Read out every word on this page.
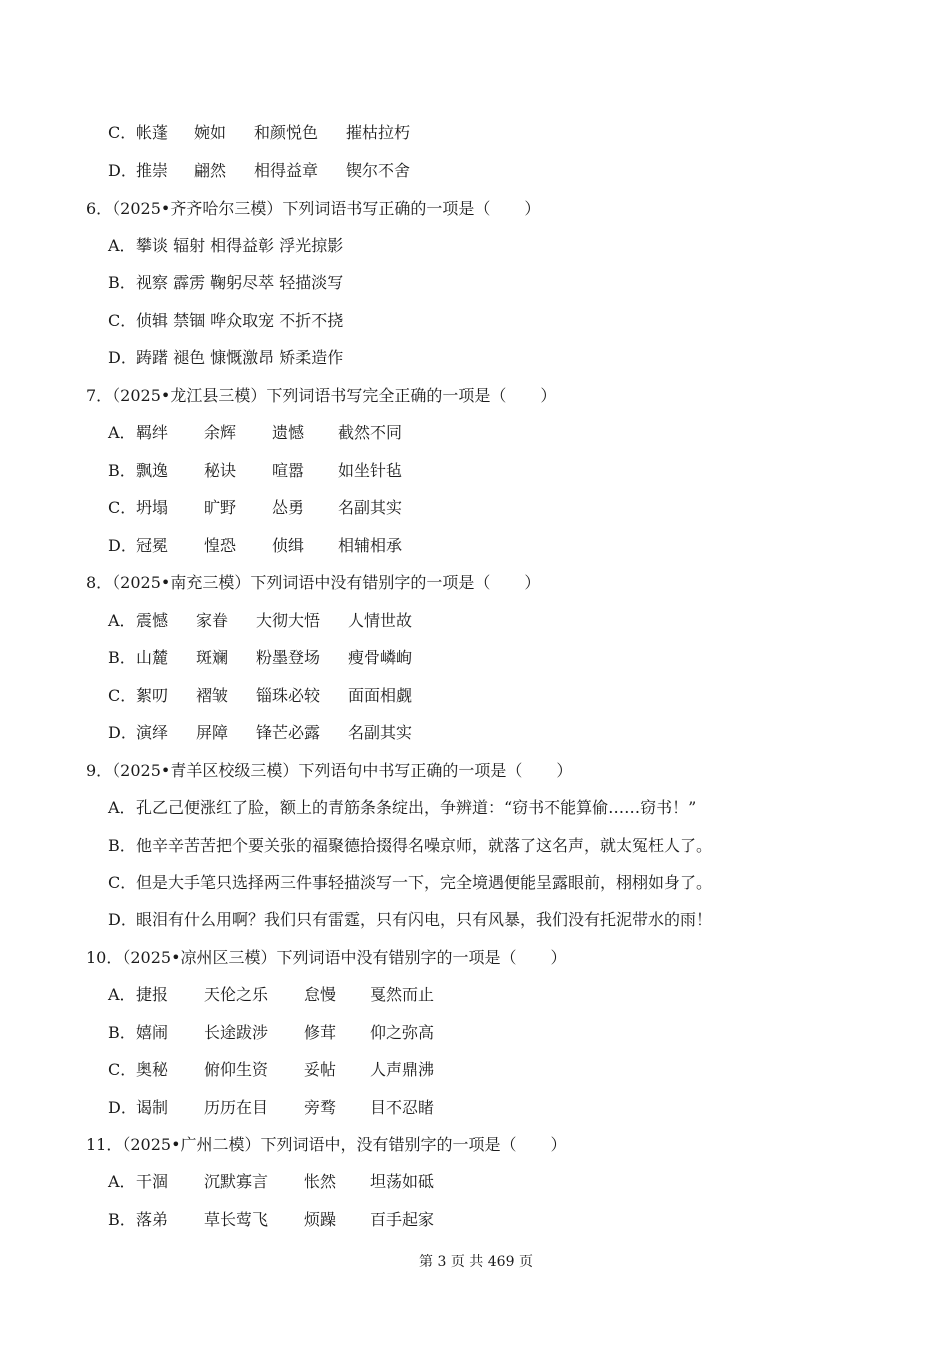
C．帐蓬 婉如 和颜悦色 摧枯拉朽
D．推崇 翩然 相得益章 锲尔不舍
6．（2025•齐齐哈尔三模）下列词语书写正确的一项是（ ）
A．攀谈 辐射 相得益彰 浮光掠影
B．视察 霹雳 鞠躬尽萃 轻描淡写
C．侦辑 禁锢 哗众取宠 不折不挠
D．踌躇 褪色 慷慨激昂 矫柔造作
7．（2025•龙江县三模）下列词语书写完全正确的一项是（ ）
A．羁绊 余辉 遗憾 截然不同
B．飘逸 秘诀 喧嚣 如坐针毡
C．坍塌 旷野 怂勇 名副其实
D．冠冕 惶恐 侦缉 相辅相承
8．（2025•南充三模）下列词语中没有错别字的一项是（ ）
A．震憾 家眷 大彻大悟 人情世故
B．山麓 斑斓 粉墨登场 瘦骨嶙峋
C．絮叨 褶皱 锱珠必较 面面相觑
D．演绎 屏障 锋芒必露 名副其实
9．（2025•青羊区校级三模）下列语句中书写正确的一项是（ ）
A．孔乙己便涨红了脸，额上的青筋条条绽出，争辨道：“窃书不能算偷……窃书！”
B．他辛辛苦苦把个要关张的福聚德拾掇得名噪京师，就落了这名声，就太冤枉人了。
C．但是大手笔只选择两三件事轻描淡写一下，完全境遇便能呈露眼前，栩栩如身了。
D．眼泪有什么用啊？我们只有雷霆，只有闪电，只有风暴，我们没有托泥带水的雨！
10．（2025•凉州区三模）下列词语中没有错别字的一项是（ ）
A．捷报 天伦之乐 怠慢 戛然而止
B．嬉闹 长途跋涉 修茸 仰之弥高
C．奥秘 俯仰生资 妥帖 人声鼎沸
D．谒制 历历在目 旁骛 目不忍睹
11．（2025•广州二模）下列词语中，没有错别字的一项是（ ）
A．干涸 沉默寡言 怅然 坦荡如砥
B．落弟 草长莺飞 烦躁 百手起家
第 3 页 共 469 页
